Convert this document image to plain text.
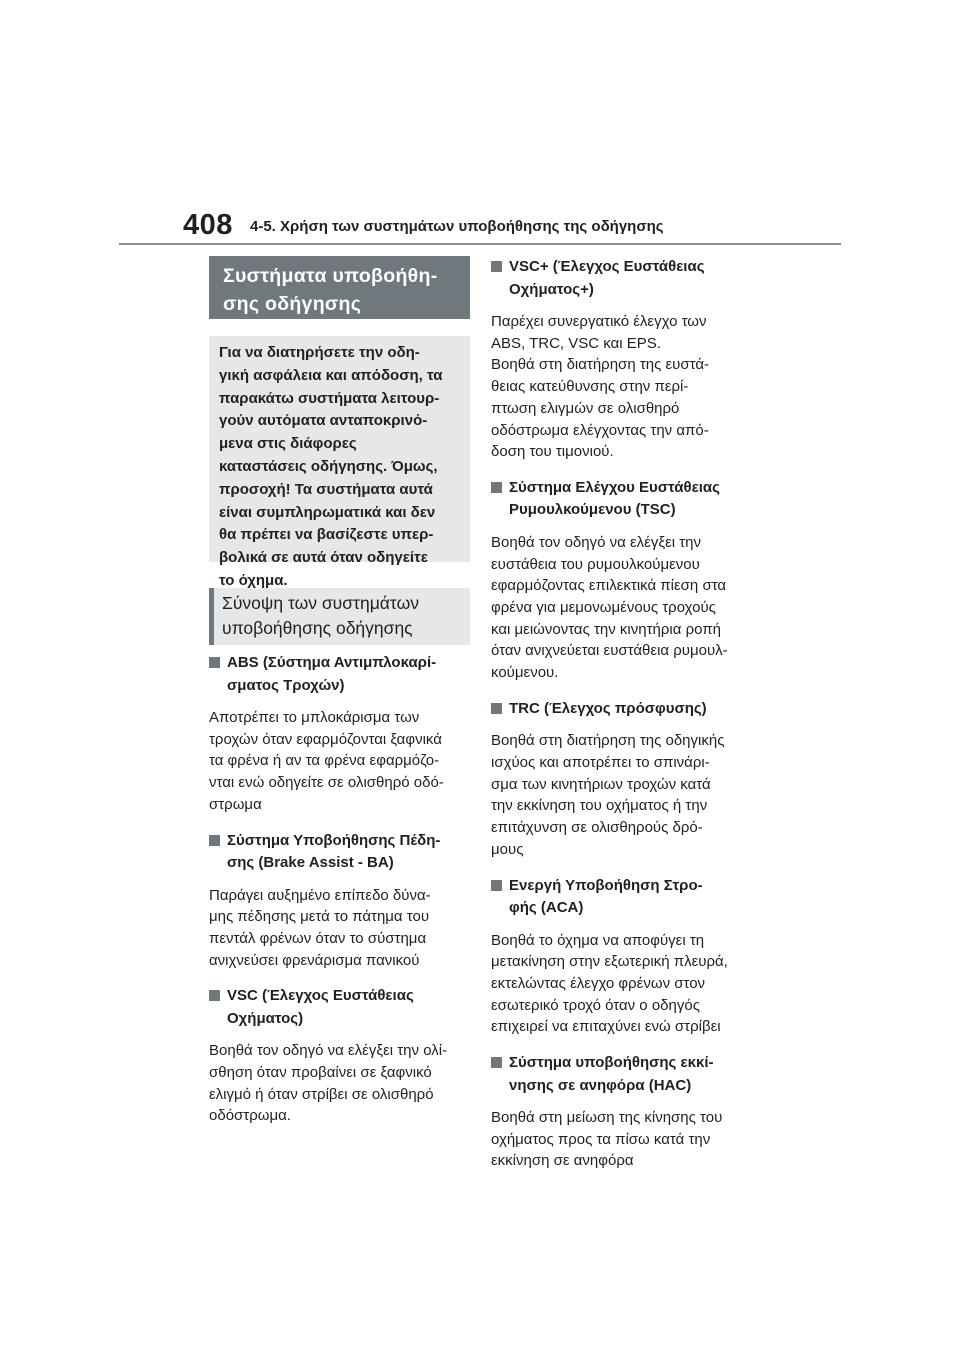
408 4-5. Χρήση των συστημάτων υποβοήθησης της οδήγησης
Συστήματα υποβοήθη-
σης οδήγησης
Για να διατηρήσετε την οδη-
γική ασφάλεια και απόδοση, τα
παρακάτω συστήματα λειτουρ-
γούν αυτόματα ανταποκρινό-
μενα στις διάφορες
καταστάσεις οδήγησης. Όμως,
προσοχή! Τα συστήματα αυτά
είναι συμπληρωματικά και δεν
θα πρέπει να βασίζεστε υπερ-
βολικά σε αυτά όταν οδηγείτε
το όχημα.
Σύνοψη των συστημάτων
υποβοήθησης οδήγησης
ABS (Σύστημα Αντιμπλοκαρί-
σματος Τροχών)
Αποτρέπει το μπλοκάρισμα των
τροχών όταν εφαρμόζονται ξαφνικά
τα φρένα ή αν τα φρένα εφαρμόζο-
νται ενώ οδηγείτε σε ολισθηρό οδό-
στρωμα
Σύστημα Υποβοήθησης Πέδη-
σης (Brake Assist - BA)
Παράγει αυξημένο επίπεδο δύνα-
μης πέδησης μετά το πάτημα του
πεντάλ φρένων όταν το σύστημα
ανιχνεύσει φρενάρισμα πανικού
VSC (Έλεγχος Ευστάθειας
Οχήματος)
Βοηθά τον οδηγό να ελέγξει την ολί-
σθηση όταν προβαίνει σε ξαφνικό
ελιγμό ή όταν στρίβει σε ολισθηρό
οδόστρωμα.
VSC+ (Έλεγχος Ευστάθειας
Οχήματος+)
Παρέχει συνεργατικό έλεγχο των
ABS, TRC, VSC και EPS.
Βοηθά στη διατήρηση της ευστά-
θειας κατεύθυνσης στην περί-
πτωση ελιγμών σε ολισθηρό
οδόστρωμα ελέγχοντας την από-
δοση του τιμονιού.
Σύστημα Ελέγχου Ευστάθειας
Ρυμουλκούμενου (TSC)
Βοηθά τον οδηγό να ελέγξει την
ευστάθεια του ρυμουλκούμενου
εφαρμόζοντας επιλεκτικά πίεση στα
φρένα για μεμονωμένους τροχούς
και μειώνοντας την κινητήρια ροπή
όταν ανιχνεύεται ευστάθεια ρυμουλ-
κούμενου.
TRC (Έλεγχος πρόσφυσης)
Βοηθά στη διατήρηση της οδηγικής
ισχύος και αποτρέπει το σπινάρι-
σμα των κινητήριων τροχών κατά
την εκκίνηση του οχήματος ή την
επιτάχυνση σε ολισθηρούς δρό-
μους
Ενεργή Υποβοήθηση Στρο-
φής (ACA)
Βοηθά το όχημα να αποφύγει τη
μετακίνηση στην εξωτερική πλευρά,
εκτελώντας έλεγχο φρένων στον
εσωτερικό τροχό όταν ο οδηγός
επιχειρεί να επιταχύνει ενώ στρίβει
Σύστημα υποβοήθησης εκκί-
νησης σε ανηφόρα (HAC)
Βοηθά στη μείωση της κίνησης του
οχήματος προς τα πίσω κατά την
εκκίνηση σε ανηφόρα
